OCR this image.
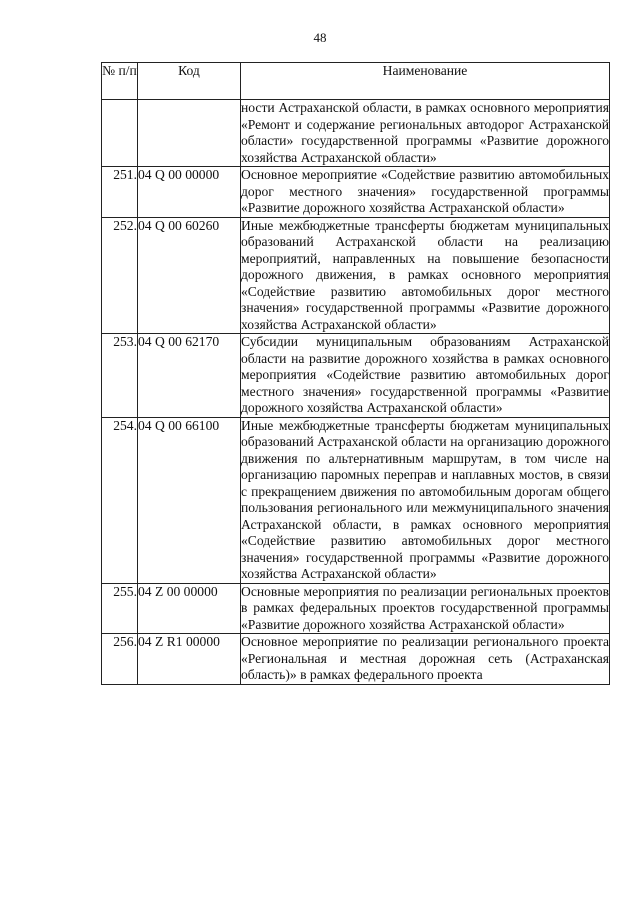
48
№ п/п	Код	Наименование
		ности Астраханской области, в рамках основного мероприятия «Ремонт и содержание региональных автодорог Астраханской области» государственной программы «Развитие дорожного хозяйства Астраханской области»
251.	04 Q 00 00000	Основное мероприятие «Содействие развитию автомобильных дорог местного значения» государственной программы «Развитие дорожного хозяйства Астраханской области»
252.	04 Q 00 60260	Иные межбюджетные трансферты бюджетам муниципальных образований Астраханской области на реализацию мероприятий, направленных на повышение безопасности дорожного движения, в рамках основного мероприятия «Содействие развитию автомобильных дорог местного значения» государственной программы «Развитие дорожного хозяйства Астраханской области»
253.	04 Q 00 62170	Субсидии муниципальным образованиям Астраханской области на развитие дорожного хозяйства в рамках основного мероприятия «Содействие развитию автомобильных дорог местного значения» государственной программы «Развитие дорожного хозяйства Астраханской области»
254.	04 Q 00 66100	Иные межбюджетные трансферты бюджетам муниципальных образований Астраханской области на организацию дорожного движения по альтернативным маршрутам, в том числе на организацию паромных переправ и наплавных мостов, в связи с прекращением движения по автомобильным дорогам общего пользования регионального или межмуниципального значения Астраханской области, в рамках основного мероприятия «Содействие развитию автомобильных дорог местного значения» государственной программы «Развитие дорожного хозяйства Астраханской области»
255.	04 Z 00 00000	Основные мероприятия по реализации региональных проектов в рамках федеральных проектов государственной программы «Развитие дорожного хозяйства Астраханской области»
256.	04 Z R1 00000	Основное мероприятие по реализации регионального проекта «Региональная и местная дорожная сеть (Астраханская область)» в рамках федерального проекта
